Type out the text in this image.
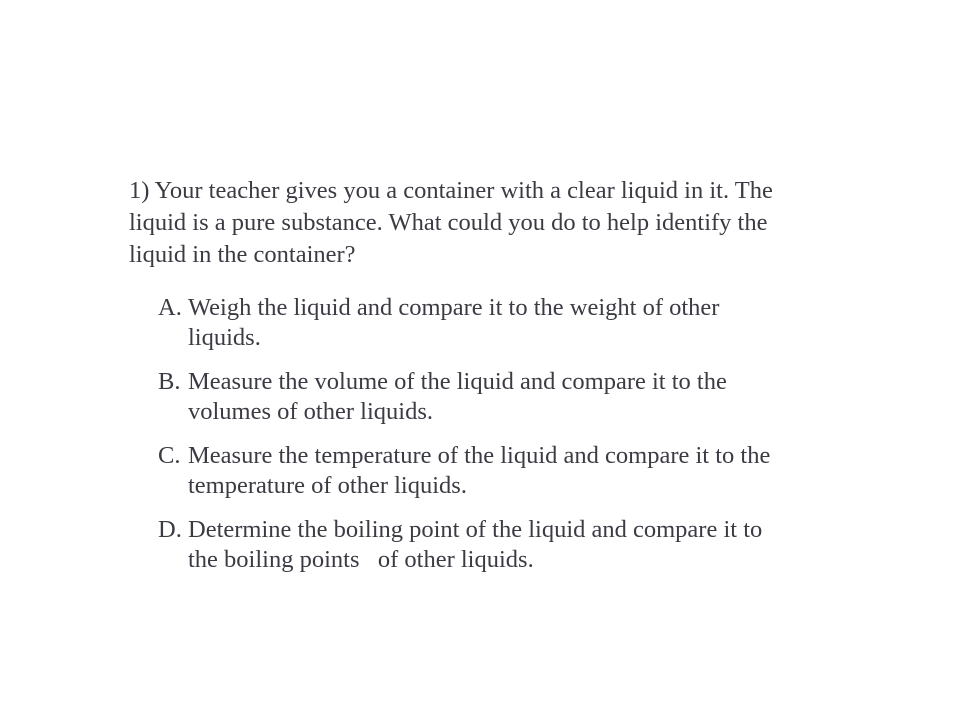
1) Your teacher gives you a container with a clear liquid in it. The
liquid is a pure substance. What could you do to help identify the
liquid in the container?

A. Weigh the liquid and compare it to the weight of other
liquids.
B. Measure the volume of the liquid and compare it to the
volumes of other liquids.
C. Measure the temperature of the liquid and compare it to the
temperature of other liquids.
D. Determine the boiling point of the liquid and compare it to
the boiling points   of other liquids.
